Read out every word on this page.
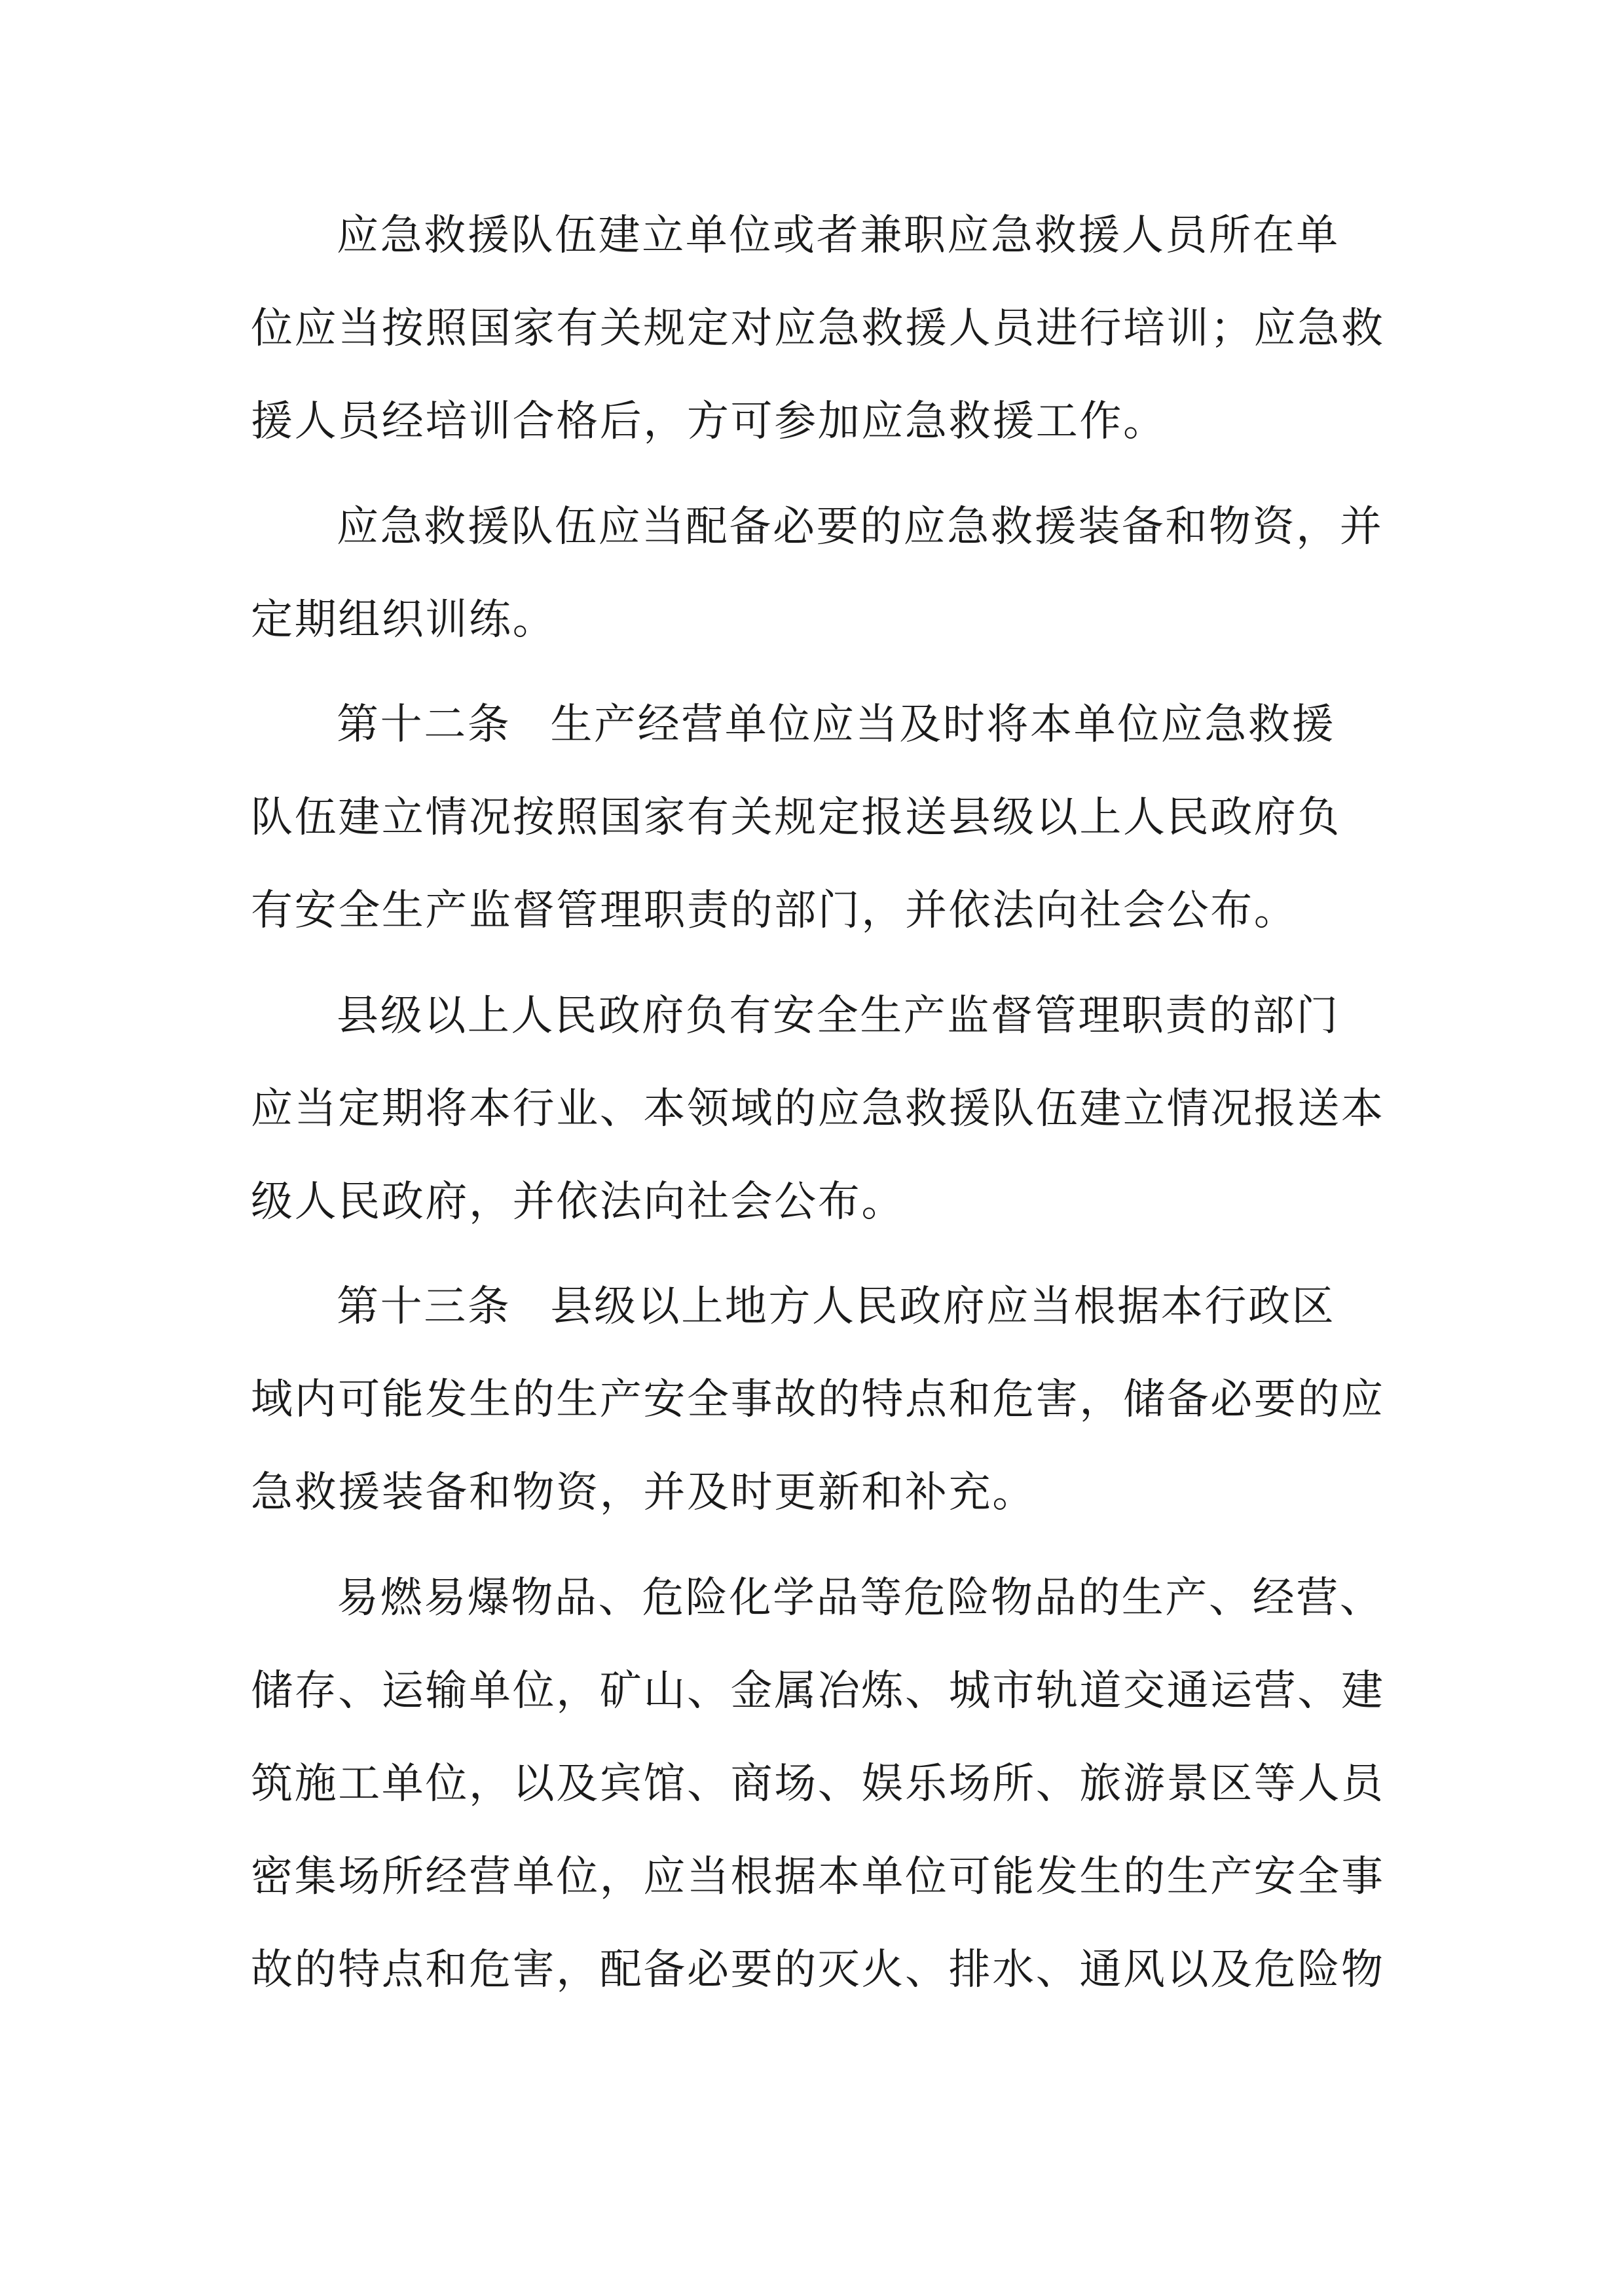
应急救援队伍建立单位或者兼职应急救援人员所在单
位应当按照国家有关规定对应急救援人员进行培训；应急救
援人员经培训合格后，方可参加应急救援工作。
应急救援队伍应当配备必要的应急救援装备和物资，并
定期组织训练。
第十二条 生产经营单位应当及时将本单位应急救援
队伍建立情况按照国家有关规定报送县级以上人民政府负
有安全生产监督管理职责的部门，并依法向社会公布。
县级以上人民政府负有安全生产监督管理职责的部门
应当定期将本行业、本领域的应急救援队伍建立情况报送本
级人民政府，并依法向社会公布。
第十三条 县级以上地方人民政府应当根据本行政区
域内可能发生的生产安全事故的特点和危害，储备必要的应
急救援装备和物资，并及时更新和补充。
易燃易爆物品、危险化学品等危险物品的生产、经营、
储存、运输单位，矿山、金属冶炼、城市轨道交通运营、建
筑施工单位，以及宾馆、商场、娱乐场所、旅游景区等人员
密集场所经营单位，应当根据本单位可能发生的生产安全事
故的特点和危害，配备必要的灭火、排水、通风以及危险物
